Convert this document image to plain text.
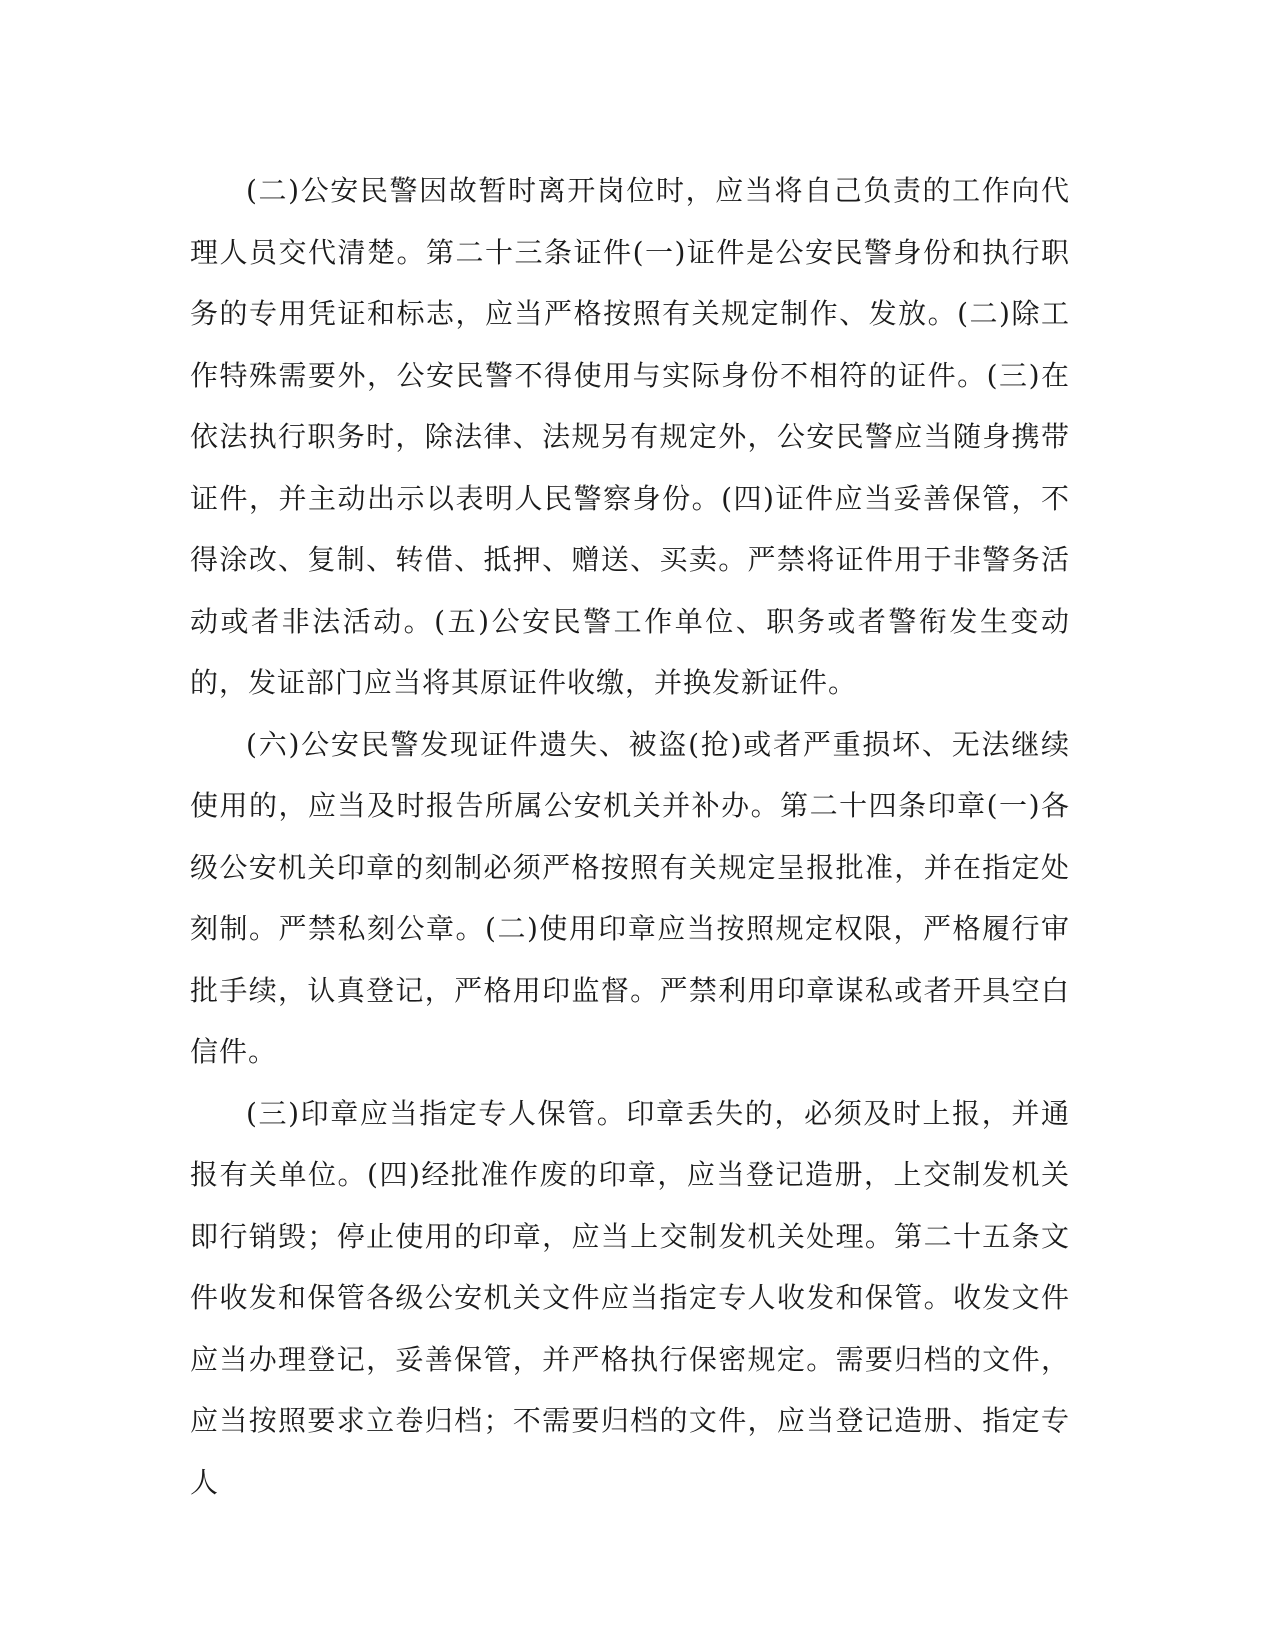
(二)公安民警因故暂时离开岗位时，应当将自己负责的工作向代理人员交代清楚。第二十三条证件(一)证件是公安民警身份和执行职务的专用凭证和标志，应当严格按照有关规定制作、发放。(二)除工作特殊需要外，公安民警不得使用与实际身份不相符的证件。(三)在依法执行职务时，除法律、法规另有规定外，公安民警应当随身携带证件，并主动出示以表明人民警察身份。(四)证件应当妥善保管，不得涂改、复制、转借、抵押、赠送、买卖。严禁将证件用于非警务活动或者非法活动。(五)公安民警工作单位、职务或者警衔发生变动的，发证部门应当将其原证件收缴，并换发新证件。

(六)公安民警发现证件遗失、被盗(抢)或者严重损坏、无法继续使用的，应当及时报告所属公安机关并补办。第二十四条印章(一)各级公安机关印章的刻制必须严格按照有关规定呈报批准，并在指定处刻制。严禁私刻公章。(二)使用印章应当按照规定权限，严格履行审批手续，认真登记，严格用印监督。严禁利用印章谋私或者开具空白信件。

(三)印章应当指定专人保管。印章丢失的，必须及时上报，并通报有关单位。(四)经批准作废的印章，应当登记造册，上交制发机关即行销毁；停止使用的印章，应当上交制发机关处理。第二十五条文件收发和保管各级公安机关文件应当指定专人收发和保管。收发文件应当办理登记，妥善保管，并严格执行保密规定。需要归档的文件，应当按照要求立卷归档；不需要归档的文件，应当登记造册、指定专人
